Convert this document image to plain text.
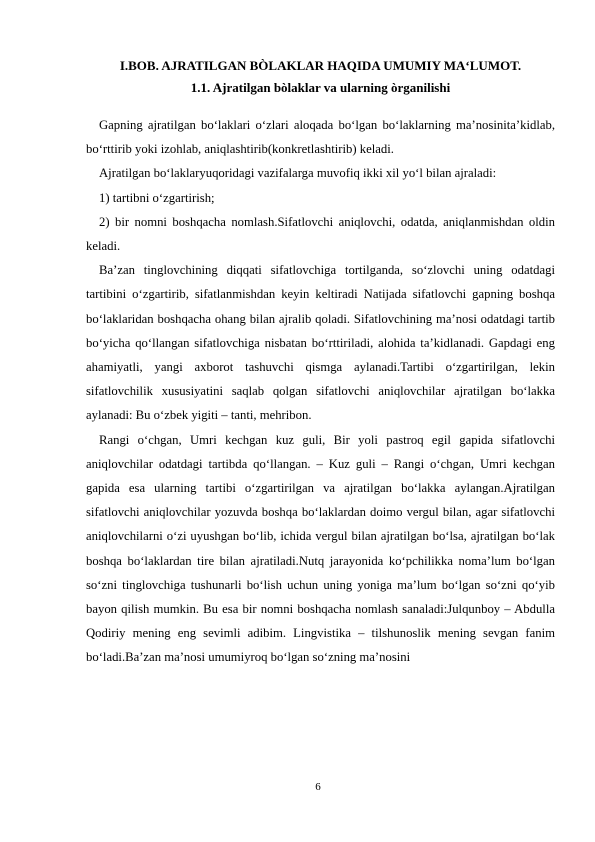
I.BOB. AJRATILGAN BÒLAKLAR HAQIDA UMUMIY MA‘LUMOT.
1.1. Ajratilgan bòlaklar va ularning òrganilishi

Gapning ajratilgan bo‘laklari o‘zlari aloqada bo‘lgan bo‘laklarning ma’nosinita’kidlab, bo‘rttirib yoki izohlab, aniqlashtirib(konkretlashtirib) keladi.

Ajratilgan bo‘laklaryuqoridagi vazifalarga muvofiq ikki xil yo‘l bilan ajraladi:

1) tartibni o‘zgartirish;

2) bir nomni boshqacha nomlash.Sifatlovchi aniqlovchi, odatda, aniqlanmishdan oldin keladi.

Ba’zan tinglovchining diqqati sifatlovchiga tortilganda, so‘zlovchi uning odatdagi tartibini o‘zgartirib, sifatlanmishdan keyin keltiradi Natijada sifatlovchi gapning boshqa bo‘laklaridan boshqacha ohang bilan ajralib qoladi. Sifatlovchining ma’nosi odatdagi tartib bo‘yicha qo‘llangan sifatlovchiga nisbatan bo‘rttiriladi, alohida ta’kidlanadi. Gapdagi eng ahamiyatli, yangi axborot tashuvchi qismga aylanadi.Tartibi o‘zgartirilgan, lekin sifatlovchilik xususiyatini saqlab qolgan sifatlovchi aniqlovchilar ajratilgan bo‘lakka aylanadi: Bu o‘zbek yigiti – tanti, mehribon.

Rangi o‘chgan, Umri kechgan kuz guli, Bir yoli pastroq egil gapida sifatlovchi aniqlovchilar odatdagi tartibda qo‘llangan. – Kuz guli – Rangi o‘chgan, Umri kechgan gapida esa ularning tartibi o‘zgartirilgan va ajratilgan bo‘lakka aylangan.Ajratilgan sifatlovchi aniqlovchilar yozuvda boshqa bo‘laklardan doimo vergul bilan, agar sifatlovchi aniqlovchilarni o‘zi uyushgan bo‘lib, ichida vergul bilan ajratilgan bo‘lsa, ajratilgan bo‘lak boshqa bo‘laklardan tire bilan ajratiladi.Nutq jarayonida ko‘pchilikka noma’lum bo‘lgan so‘zni tinglovchiga tushunarli bo‘lish uchun uning yoniga ma’lum bo‘lgan so‘zni qo‘yib bayon qilish mumkin. Bu esa bir nomni boshqacha nomlash sanaladi:Julqunboy – Abdulla Qodiriy mening eng sevimli adibim. Lingvistika – tilshunoslik mening sevgan fanim bo‘ladi.Ba’zan ma’nosi umumiyroq bo‘lgan so‘zning ma’nosini

6
